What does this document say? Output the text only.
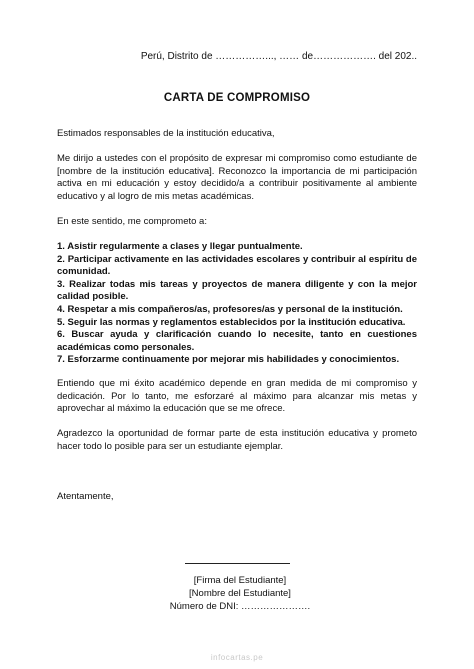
Perú, Distrito de ……………..., …… de………………. del 202..
CARTA DE COMPROMISO
Estimados responsables de la institución educativa,
Me dirijo a ustedes con el propósito de expresar mi compromiso como estudiante de [nombre de la institución educativa]. Reconozco la importancia de mi participación activa en mi educación y estoy decidido/a a contribuir positivamente al ambiente educativo y al logro de mis metas académicas.
En este sentido, me comprometo a:
1. Asistir regularmente a clases y llegar puntualmente.
2. Participar activamente en las actividades escolares y contribuir al espíritu de comunidad.
3. Realizar todas mis tareas y proyectos de manera diligente y con la mejor calidad posible.
4. Respetar a mis compañeros/as, profesores/as y personal de la institución.
5. Seguir las normas y reglamentos establecidos por la institución educativa.
6. Buscar ayuda y clarificación cuando lo necesite, tanto en cuestiones académicas como personales.
7. Esforzarme continuamente por mejorar mis habilidades y conocimientos.
Entiendo que mi éxito académico depende en gran medida de mi compromiso y dedicación. Por lo tanto, me esforzaré al máximo para alcanzar mis metas y aprovechar al máximo la educación que se me ofrece.
Agradezco la oportunidad de formar parte de esta institución educativa y prometo hacer todo lo posible para ser un estudiante ejemplar.
Atentamente,
[Firma del Estudiante]
[Nombre del Estudiante]
Número de DNI: ………………….
infocartas.pe
